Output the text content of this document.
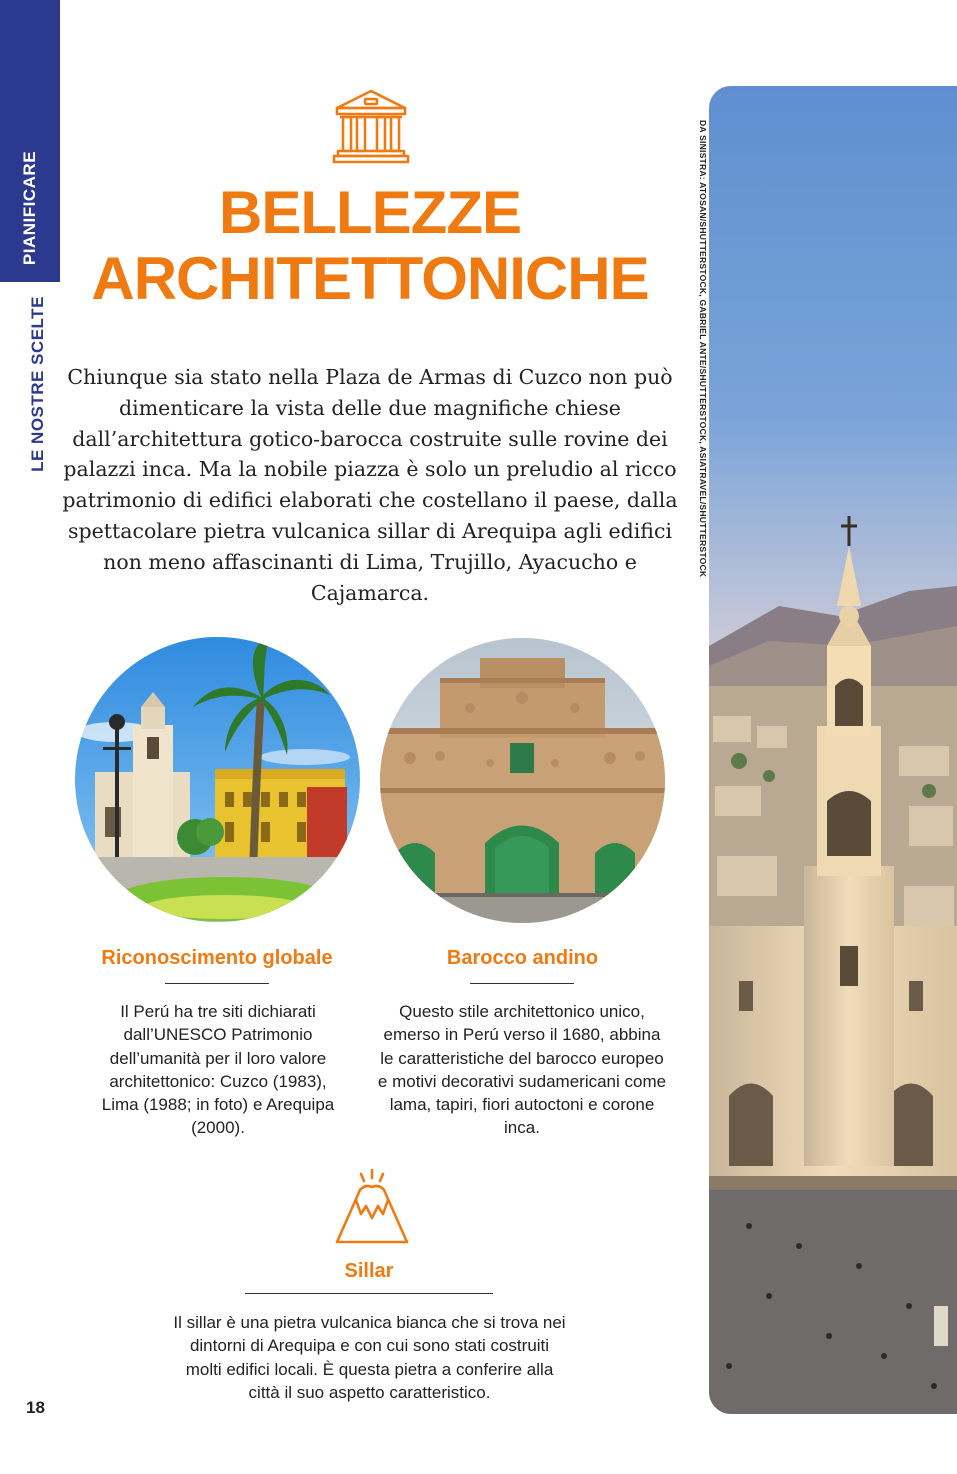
PIANIFICARE
LE NOSTRE SCELTE
BELLEZZE
ARCHITETTONICHE

Chiunque sia stato nella Plaza de Armas di Cuzco non può dimenticare la vista delle due magnifiche chiese dall’architettura gotico-barocca costruite sulle rovine dei palazzi inca. Ma la nobile piazza è solo un preludio al ricco patrimonio di edifici elaborati che costellano il paese, dalla spettacolare pietra vulcanica sillar di Arequipa agli edifici non meno affascinanti di Lima, Trujillo, Ayacucho e Cajamarca.

Riconoscimento globale
Il Perú ha tre siti dichiarati dall’UNESCO Patrimonio dell’umanità per il loro valore architettonico: Cuzco (1983), Lima (1988; in foto) e Arequipa (2000).
Barocco andino
Questo stile architettonico unico, emerso in Perú verso il 1680, abbina le caratteristiche del barocco europeo e motivi decorativi sudamericani come lama, tapiri, fiori autoctoni e corone inca.
Sillar
Il sillar è una pietra vulcanica bianca che si trova nei dintorni di Arequipa e con cui sono stati costruiti molti edifici locali. È questa pietra a conferire alla città il suo aspetto caratteristico.
18
DA SINISTRA: ATOSAN/SHUTTERSTOCK, GABRIEL ANTE/SHUTTERSTOCK, ASIATRAVEL/SHUTTERSTOCK
